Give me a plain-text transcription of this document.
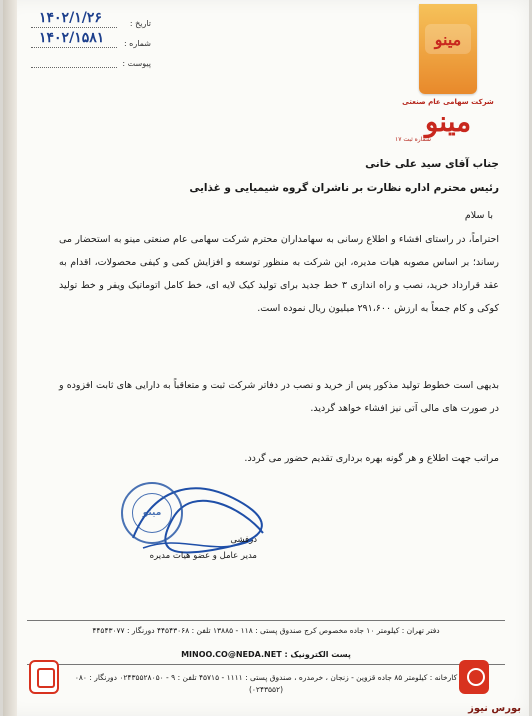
تاریخ :
۱۴۰۲/۱/۲۶
شماره :
۱۴۰۲/۱۵۸۱
پیوست :
مینو
شرکت سهامی عام صنعتی
مینو
شماره ثبت ۱۷
جناب آقای سید علی خانی
رئیس محترم اداره نظارت بر ناشران گروه شیمیایی و غذایی
با سلام

احتراماً، در راستای افشاء و اطلاع رسانی به سهامداران محترم شرکت سهامی عام صنعتی مینو به استحضار می رساند؛ بر اساس مصوبه هیات مدیره، این شرکت به منظور توسعه و افزایش کمی و کیفی محصولات، اقدام به عقد قرارداد خرید، نصب و راه اندازی ۳ خط جدید برای تولید کیک لایه ای، خط کامل اتوماتیک ویفر و خط تولید کوکی و کام جمعاً به ارزش ۲۹۱،۶۰۰ میلیون ریال نموده است.

بدیهی است خطوط تولید مذکور پس از خرید و نصب در دفاتر شرکت ثبت و متعاقباً به دارایی های ثابت افزوده و در صورت های مالی آتی نیز افشاء خواهد گردید.

مراتب جهت اطلاع و هر گونه بهره برداری تقدیم حضور می گردد.

مینو
درفشی
مدیر عامل و عضو هیات مدیره
دفتر تهران : کیلومتر ۱۰ جاده مخصوص کرج صندوق پستی : ۱۱۸ - ۱۳۸۸۵ تلفن : ۴۴۵۴۳۰۶۸ دورنگار : ۴۴۵۴۳۰۷۷
پست الکترونیک : MINOO.CO@NEDA.NET
کارخانه : کیلومتر ۸۵ جاده قزوین - زنجان ، خرمدره ، صندوق پستی : ۱۱۱۱ - ۴۵۷۱۵ تلفن : ۹ - ۰۲۴۳۵۵۲۸۰۵۰ دورنگار : ۰۸۰ (۰۲۴۳۵۵۲)
بورس نیوز
